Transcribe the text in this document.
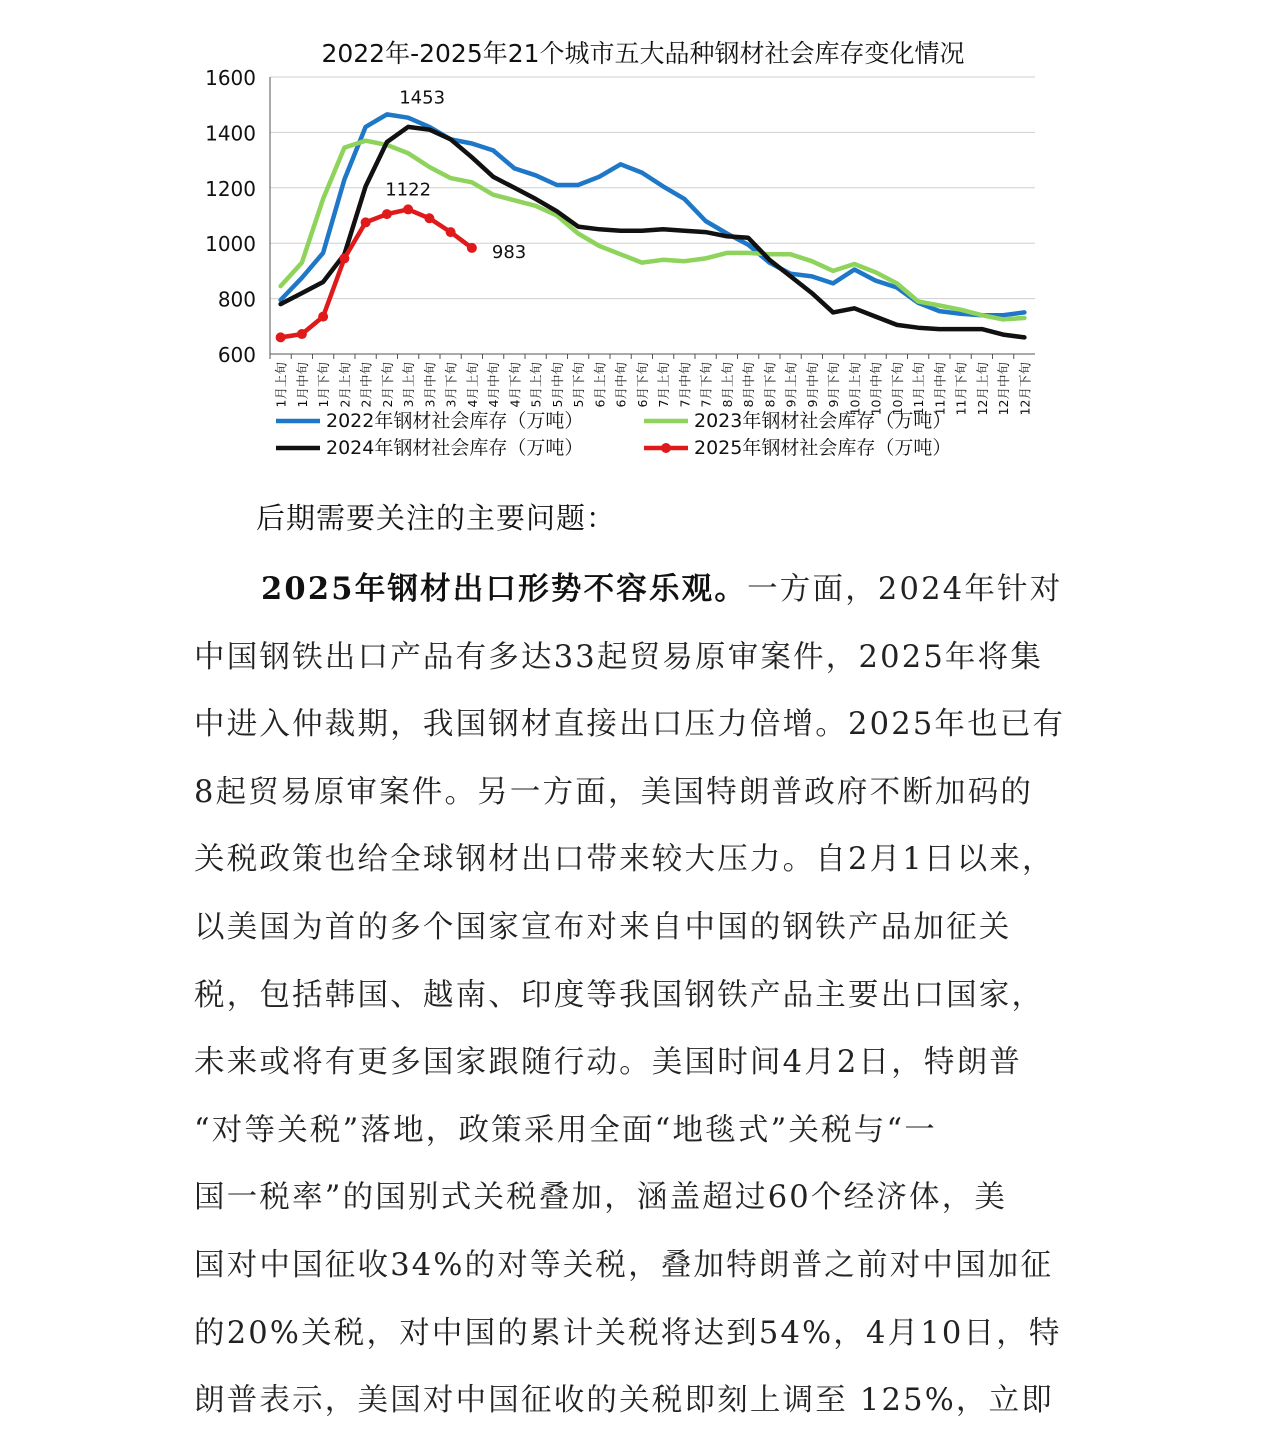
2022年-2025年21个城市五大品种钢材社会库存变化情况
600
800
1000
1200
1400
1600
1月上旬 1月中旬 1月下旬 2月上旬 2月中旬 2月下旬 3月上旬 3月中旬 3月下旬 4月上旬 4月中旬 4月下旬 5月上旬 5月中旬 5月下旬 6月上旬 6月中旬 6月下旬 7月上旬 7月中旬 7月下旬 8月上旬 8月中旬 8月下旬 9月上旬 9月中旬 9月下旬 10月上旬 10月中旬 10月下旬 11月上旬 11月中旬 11月下旬 12月上旬 12月中旬 12月下旬
1453
1122
983
2022年钢材社会库存（万吨）	2023年钢材社会库存（万吨）
2024年钢材社会库存（万吨）	2025年钢材社会库存（万吨）
后期需要关注的主要问题：
2025年钢材出口形势不容乐观。一方面，2024年针对
中国钢铁出口产品有多达33起贸易原审案件，2025年将集
中进入仲裁期，我国钢材直接出口压力倍增。2025年也已有
8起贸易原审案件。另一方面，美国特朗普政府不断加码的
关税政策也给全球钢材出口带来较大压力。自2月1日以来，
以美国为首的多个国家宣布对来自中国的钢铁产品加征关
税，包括韩国、越南、印度等我国钢铁产品主要出口国家，
未来或将有更多国家跟随行动。美国时间4月2日，特朗普
“对等关税”落地，政策采用全面“地毯式”关税与“一
国一税率”的国别式关税叠加，涵盖超过60个经济体，美
国对中国征收34%的对等关税，叠加特朗普之前对中国加征
的20%关税，对中国的累计关税将达到54%，4月10日，特
朗普表示，美国对中国征收的关税即刻上调至 125%，立即
